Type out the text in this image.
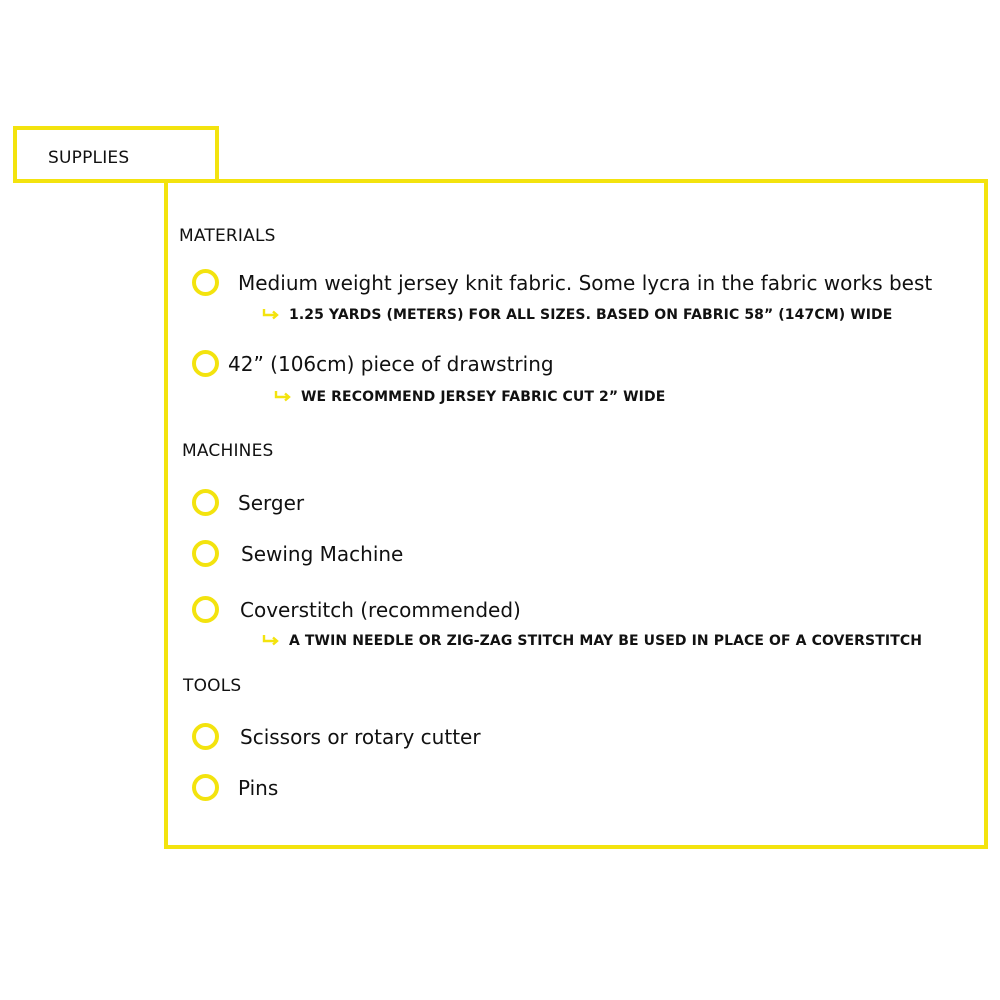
SUPPLIES
MATERIALS
Medium weight jersey knit fabric. Some lycra in the fabric works best
1.25 YARDS (METERS) FOR ALL SIZES. BASED ON FABRIC 58” (147CM) WIDE
42” (106cm) piece of drawstring
WE RECOMMEND JERSEY FABRIC CUT 2” WIDE
MACHINES
Serger
Sewing Machine
Coverstitch (recommended)
A TWIN NEEDLE OR ZIG-ZAG STITCH MAY BE USED IN PLACE OF A COVERSTITCH
TOOLS
Scissors or rotary cutter
Pins
